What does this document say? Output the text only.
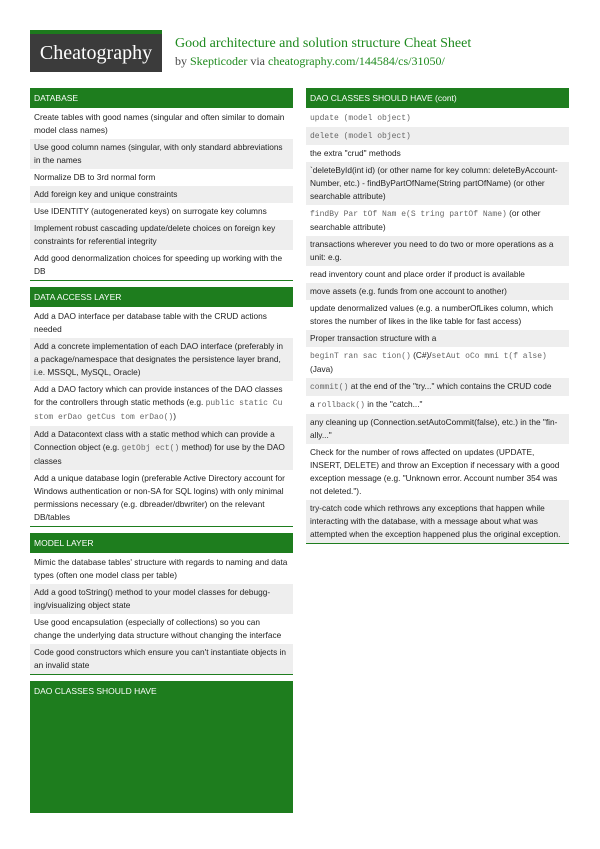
Cheatography	Good architecture and solution structure Cheat Sheet
by Skepticoder via cheatography.com/144584/cs/31050/
DATABASE
Create tables with good names (singular and often similar to domain model class names)
Use good column names (singular, with only standard abbreviations in the names
Normalize DB to 3rd normal form
Add foreign key and unique constraints
Use IDENTITY (autogenerated keys) on surrogate key columns
Implement robust cascading update/delete choices on foreign key constraints for referential integrity
Add good denormalization choices for speeding up working with the DB
DATA ACCESS LAYER
Add a DAO interface per database table with the CRUD actions needed
Add a concrete implementation of each DAO interface (preferably in a package/namespace that designates the persistence layer brand, i.e. MSSQL, MySQL, Oracle)
Add a DAO factory which can provide instances of the DAO classes for the controllers through static methods (e.g. public static Cu stom erDao getCus tom erDao())
Add a Datacontext class with a static method which can provide a Connection object (e.g. getObj ect() method) for use by the DAO classes
Add a unique database login (preferable Active Directory account for Windows authentication or non-SA for SQL logins) with only minimal permissions necessary (e.g. dbreader/dbwriter) on the relevant DB/tables
MODEL LAYER
Mimic the database tables' structure with regards to naming and data types (often one model class per table)
Add a good toString() method to your model classes for debugg-ing/visualizing object state
Use good encapsulation (especially of collections) so you can change the underlying data structure without changing the interface
Code good constructors which ensure you can't instantiate objects in an invalid state
DAO CLASSES SHOULD HAVE
DAO CLASSES SHOULD HAVE (cont)
update (model object)
delete (model object)
the extra "crud" methods
`deleteById(int id) (or other name for key column: deleteByAccount-Number, etc.) - findByPartOfName(String partOfName) (or other searchable attribute)
findBy Par tOf Nam e(S tring partOf Name) (or other searchable attribute)
transactions wherever you need to do two or more operations as a unit: e.g.
read inventory count and place order if product is available
move assets (e.g. funds from one account to another)
update denormalized values (e.g. a numberOfLikes column, which stores the number of likes in the like table for fast access)
Proper transaction structure with a
beginT ran sac tion() (C#)/setAut oCo mmi t(f alse) (Java)
commit() at the end of the "try..." which contains the CRUD code
a rollback() in the "catch..."
any cleaning up (Connection.setAutoCommit(false), etc.) in the "fin-ally..."
Check for the number of rows affected on updates (UPDATE, INSERT, DELETE) and throw an Exception if necessary with a good exception message (e.g. "Unknown error. Account number 354 was not deleted.").
try-catch code which rethrows any exceptions that happen while interacting with the database, with a message about what was attempted when the exception happened plus the original exception.
